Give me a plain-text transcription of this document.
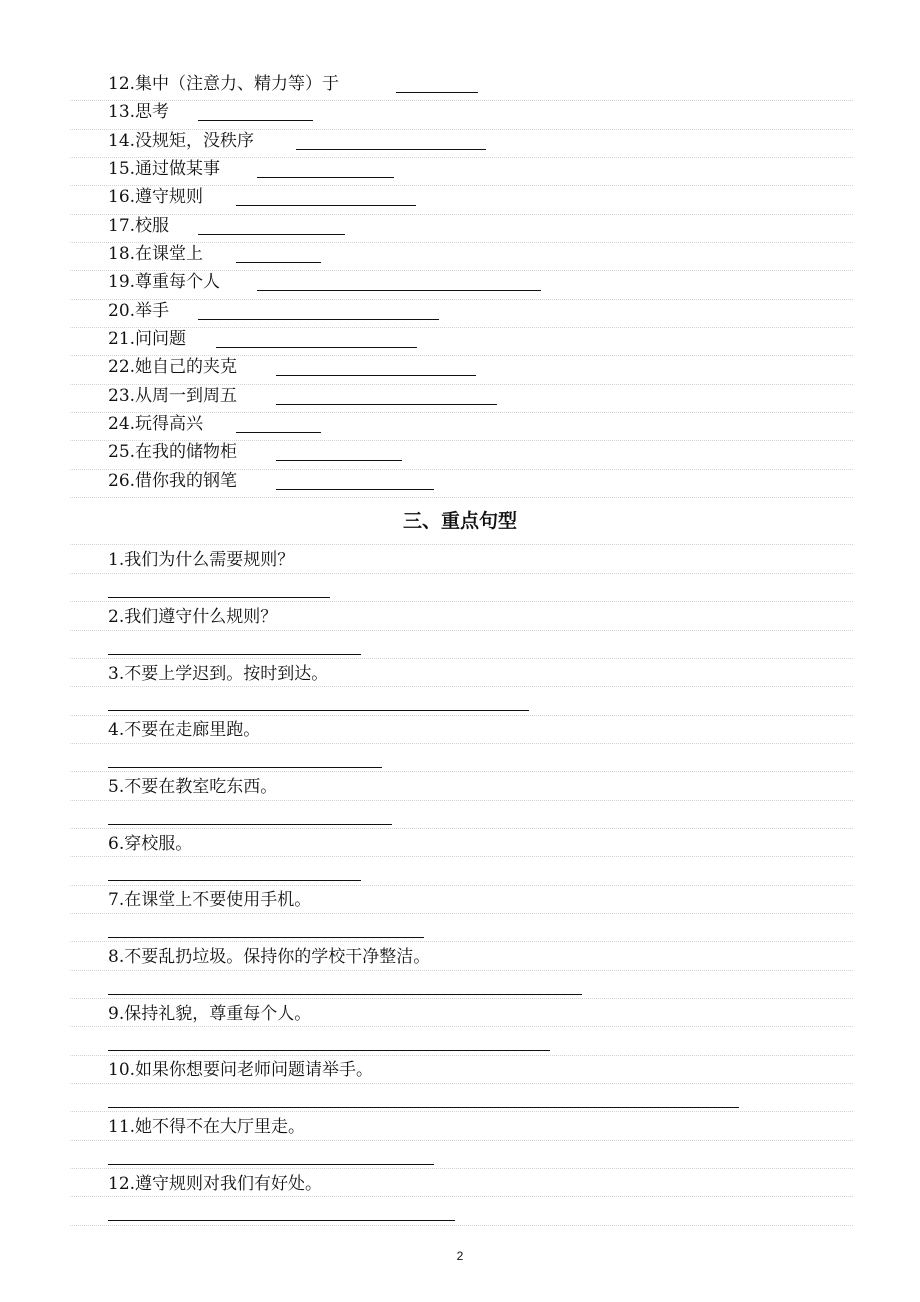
12.集中（注意力、精力等）于
13.思考
14.没规矩，没秩序
15.通过做某事
16.遵守规则
17.校服
18.在课堂上
19.尊重每个人
20.举手
21.问问题
22.她自己的夹克
23.从周一到周五
24.玩得高兴
25.在我的储物柜
26.借你我的钢笔
三、重点句型
1.我们为什么需要规则？
2.我们遵守什么规则？
3.不要上学迟到。按时到达。
4.不要在走廊里跑。
5.不要在教室吃东西。
6.穿校服。
7.在课堂上不要使用手机。
8.不要乱扔垃圾。保持你的学校干净整洁。
9.保持礼貌，尊重每个人。
10.如果你想要问老师问题请举手。
11.她不得不在大厅里走。
12.遵守规则对我们有好处。
2
